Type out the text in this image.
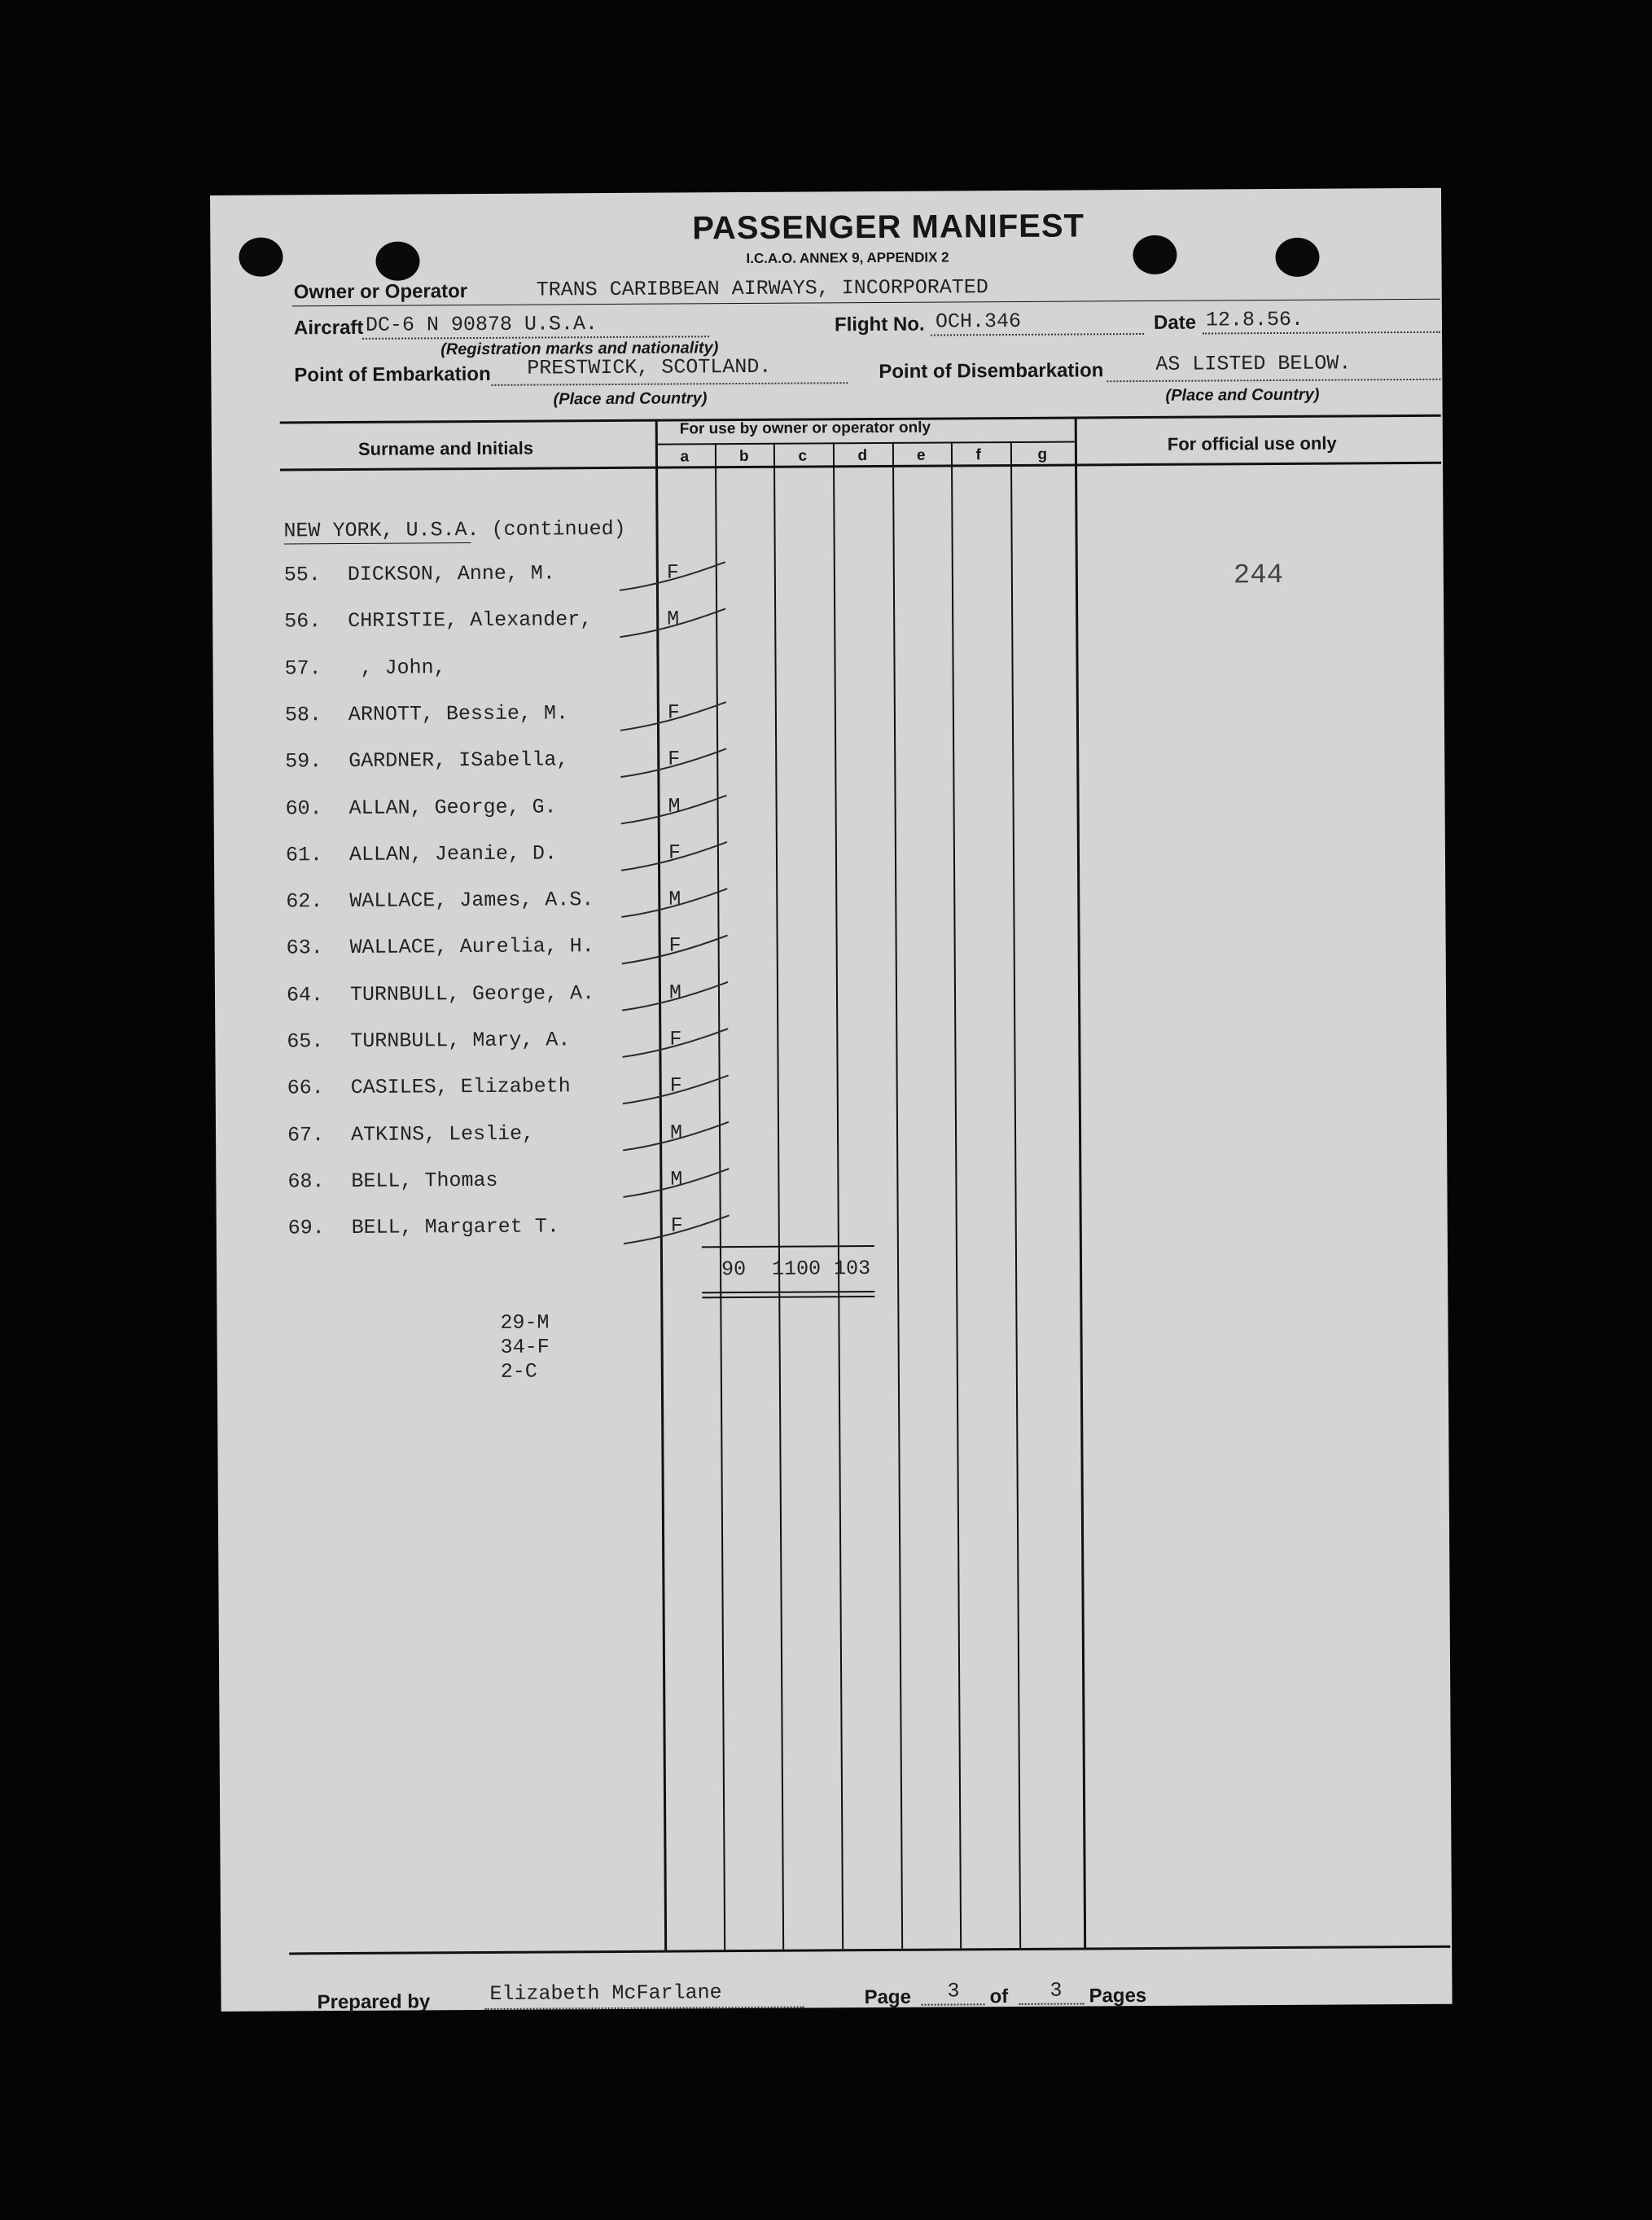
PASSENGER MANIFEST
I.C.A.O. ANNEX 9, APPENDIX 2
Owner or Operator	TRANS CARIBBEAN AIRWAYS, INCORPORATED
Aircraft DC-6 N 90878 U.S.A.	Flight No. OCH.346	Date 12.8.56.
(Registration marks and nationality)
Point of Embarkation PRESTWICK, SCOTLAND.	Point of Disembarkation	AS LISTED BELOW.
(Place and Country)	(Place and Country)
For use by owner or operator only
Surname and Initials	For official use only
a	b	c	d	e	f	g
NEW YORK, U.S.A. (continued)
55. DICKSON, Anne, M.	F
56. CHRISTIE, Alexander,	M
57. , John,
58. ARNOTT, Bessie, M.	F
59. GARDNER, ISabella,	F
60. ALLAN, George, G.	M
61. ALLAN, Jeanie, D.	F
62. WALLACE, James, A.S.	M
63. WALLACE, Aurelia, H.	F
64. TURNBULL, George, A.	M
65. TURNBULL, Mary, A.	F
66. CASILES, Elizabeth	F
67. ATKINS, Leslie,	M
68. BELL, Thomas	M
69. BELL, Margaret T.	F
244
90 1100 103
29-M
34-F
2-C
Prepared by	Elizabeth McFarlane	Page 3 of 3 Pages
